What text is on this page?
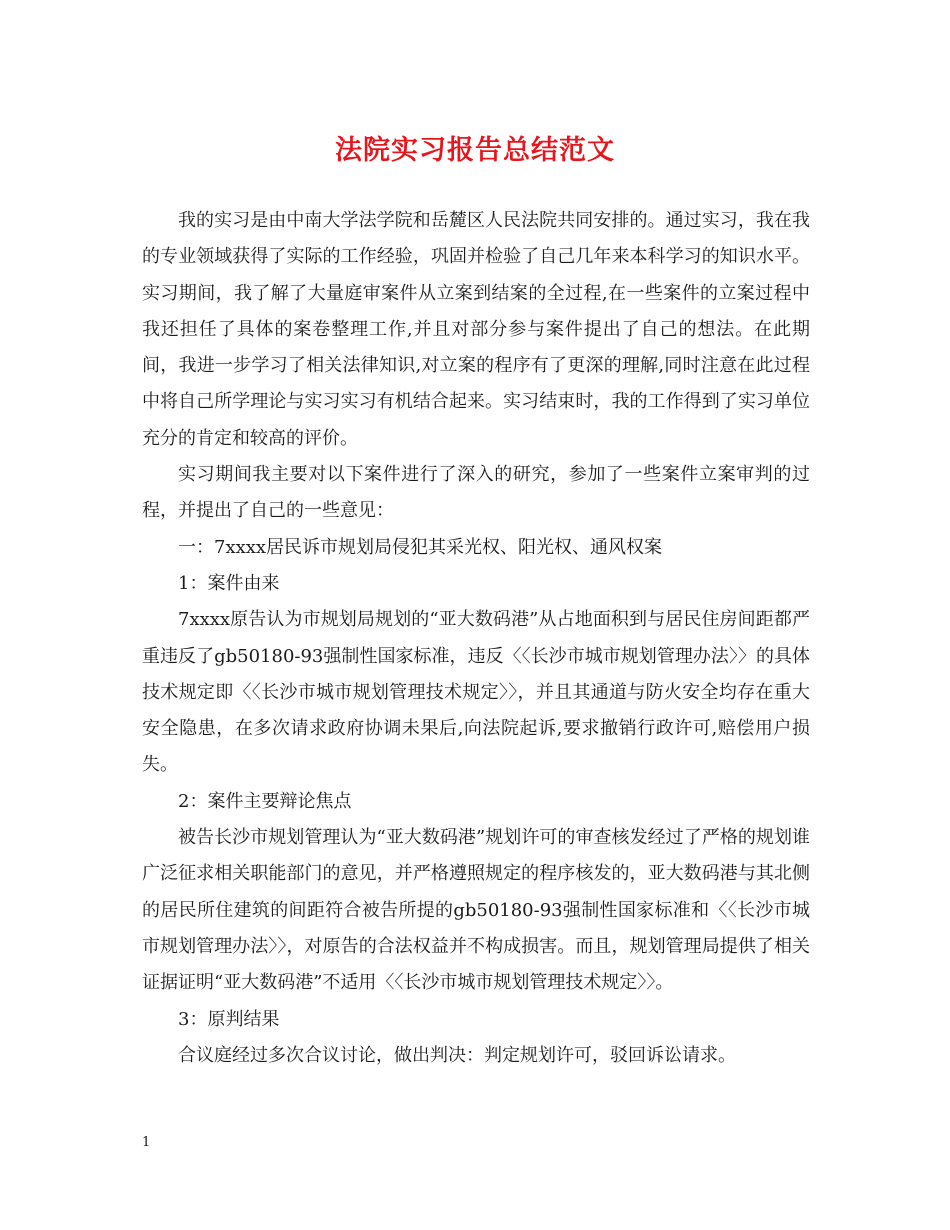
法院实习报告总结范文

我的实习是由中南大学法学院和岳麓区人民法院共同安排的。通过实习，我在我的专业领域获得了实际的工作经验，巩固并检验了自己几年来本科学习的知识水平。实习期间，我了解了大量庭审案件从立案到结案的全过程,在一些案件的立案过程中我还担任了具体的案卷整理工作,并且对部分参与案件提出了自己的想法。在此期间，我进一步学习了相关法律知识,对立案的程序有了更深的理解,同时注意在此过程中将自己所学理论与实习实习有机结合起来。实习结束时，我的工作得到了实习单位充分的肯定和较高的评价。

实习期间我主要对以下案件进行了深入的研究，参加了一些案件立案审判的过程，并提出了自己的一些意见：

一：7xxxx居民诉市规划局侵犯其采光权、阳光权、通风权案

1：案件由来

7xxxx原告认为市规划局规划的“亚大数码港”从占地面积到与居民住房间距都严重违反了gb50180-93强制性国家标准，违反〈〈长沙市城市规划管理办法〉〉的具体技术规定即〈〈长沙市城市规划管理技术规定〉〉，并且其通道与防火安全均存在重大安全隐患，在多次请求政府协调未果后,向法院起诉,要求撤销行政许可,赔偿用户损失。

2：案件主要辩论焦点

被告长沙市规划管理认为“亚大数码港”规划许可的审查核发经过了严格的规划谁广泛征求相关职能部门的意见，并严格遵照规定的程序核发的，亚大数码港与其北侧的居民所住建筑的间距符合被告所提的gb50180-93强制性国家标准和〈〈长沙市城市规划管理办法〉〉，对原告的合法权益并不构成损害。而且，规划管理局提供了相关证据证明“亚大数码港”不适用〈〈长沙市城市规划管理技术规定〉〉。

3：原判结果

合议庭经过多次合议讨论，做出判决：判定规划许可，驳回诉讼请求。

1
